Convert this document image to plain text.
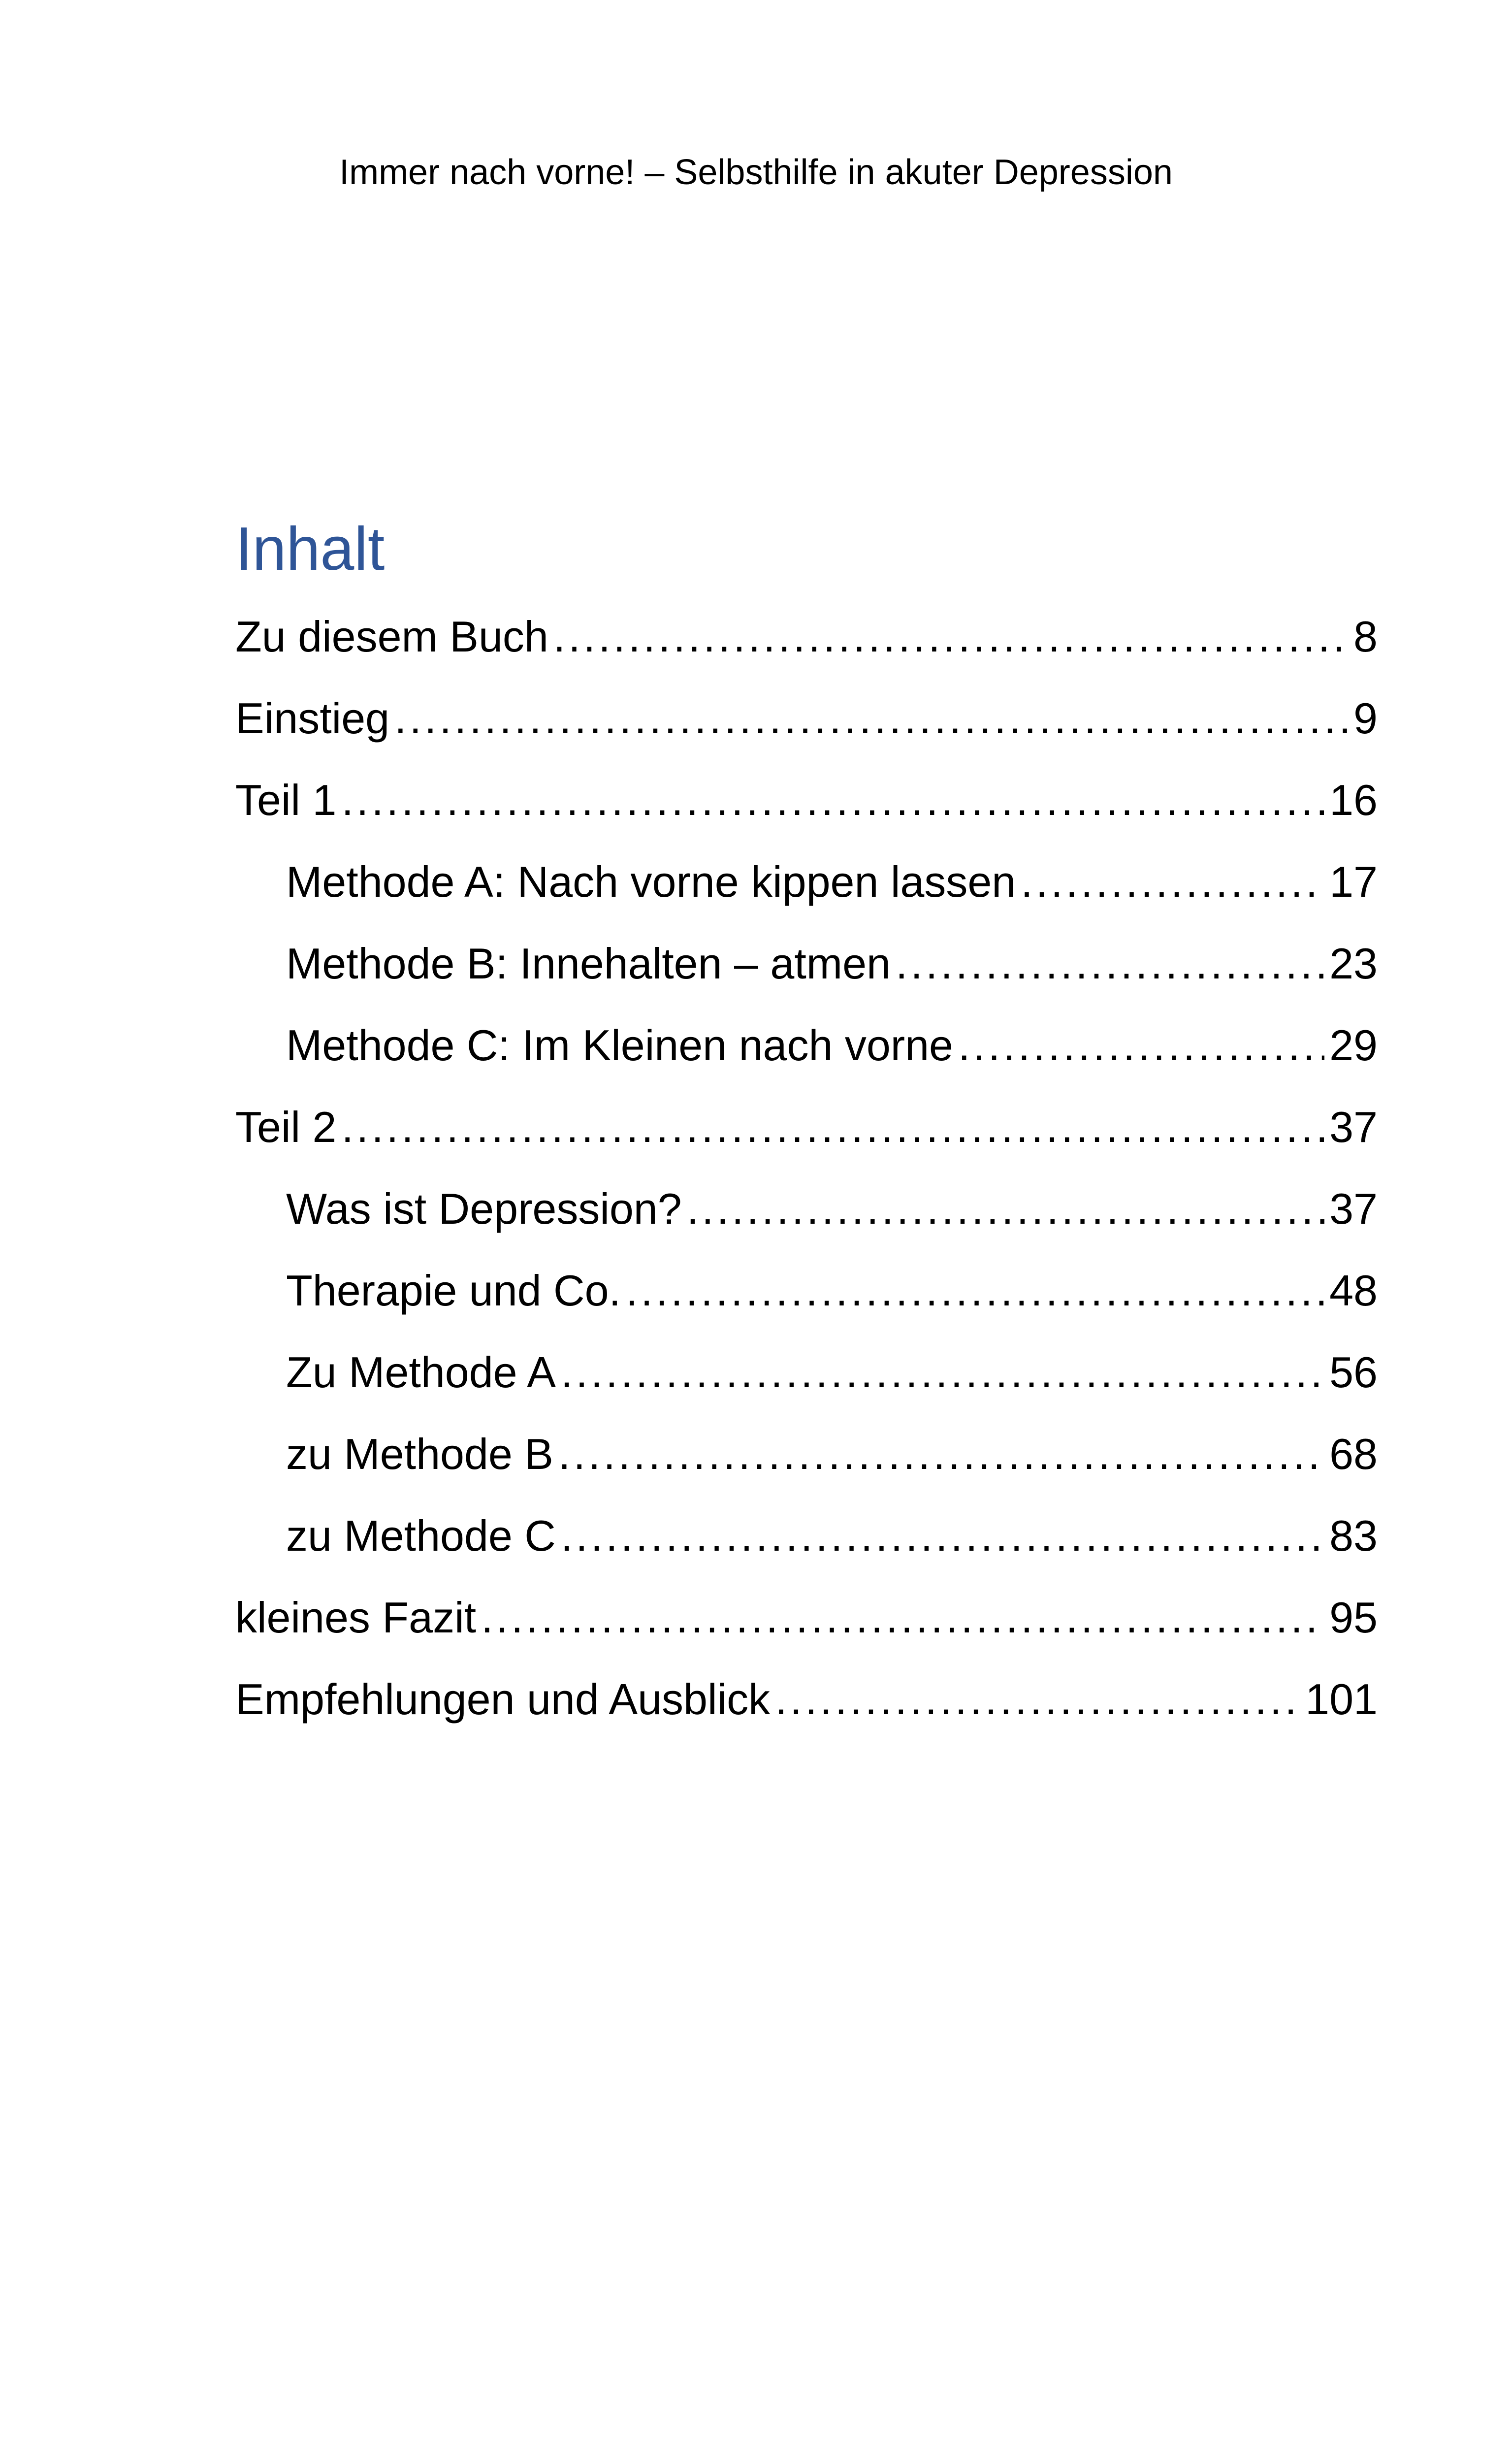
Immer nach vorne! – Selbsthilfe in akuter Depression
Inhalt
Zu diesem Buch .....	8
Einstieg .....	9
Teil 1 .....	16
Methode A: Nach vorne kippen lassen .....	17
Methode B: Innehalten – atmen .....	23
Methode C: Im Kleinen nach vorne .....	29
Teil 2 .....	37
Was ist Depression? .....	37
Therapie und Co. .....	48
Zu Methode A .....	56
zu Methode B .....	68
zu Methode C .....	83
kleines Fazit .....	95
Empfehlungen und Ausblick .....	101
